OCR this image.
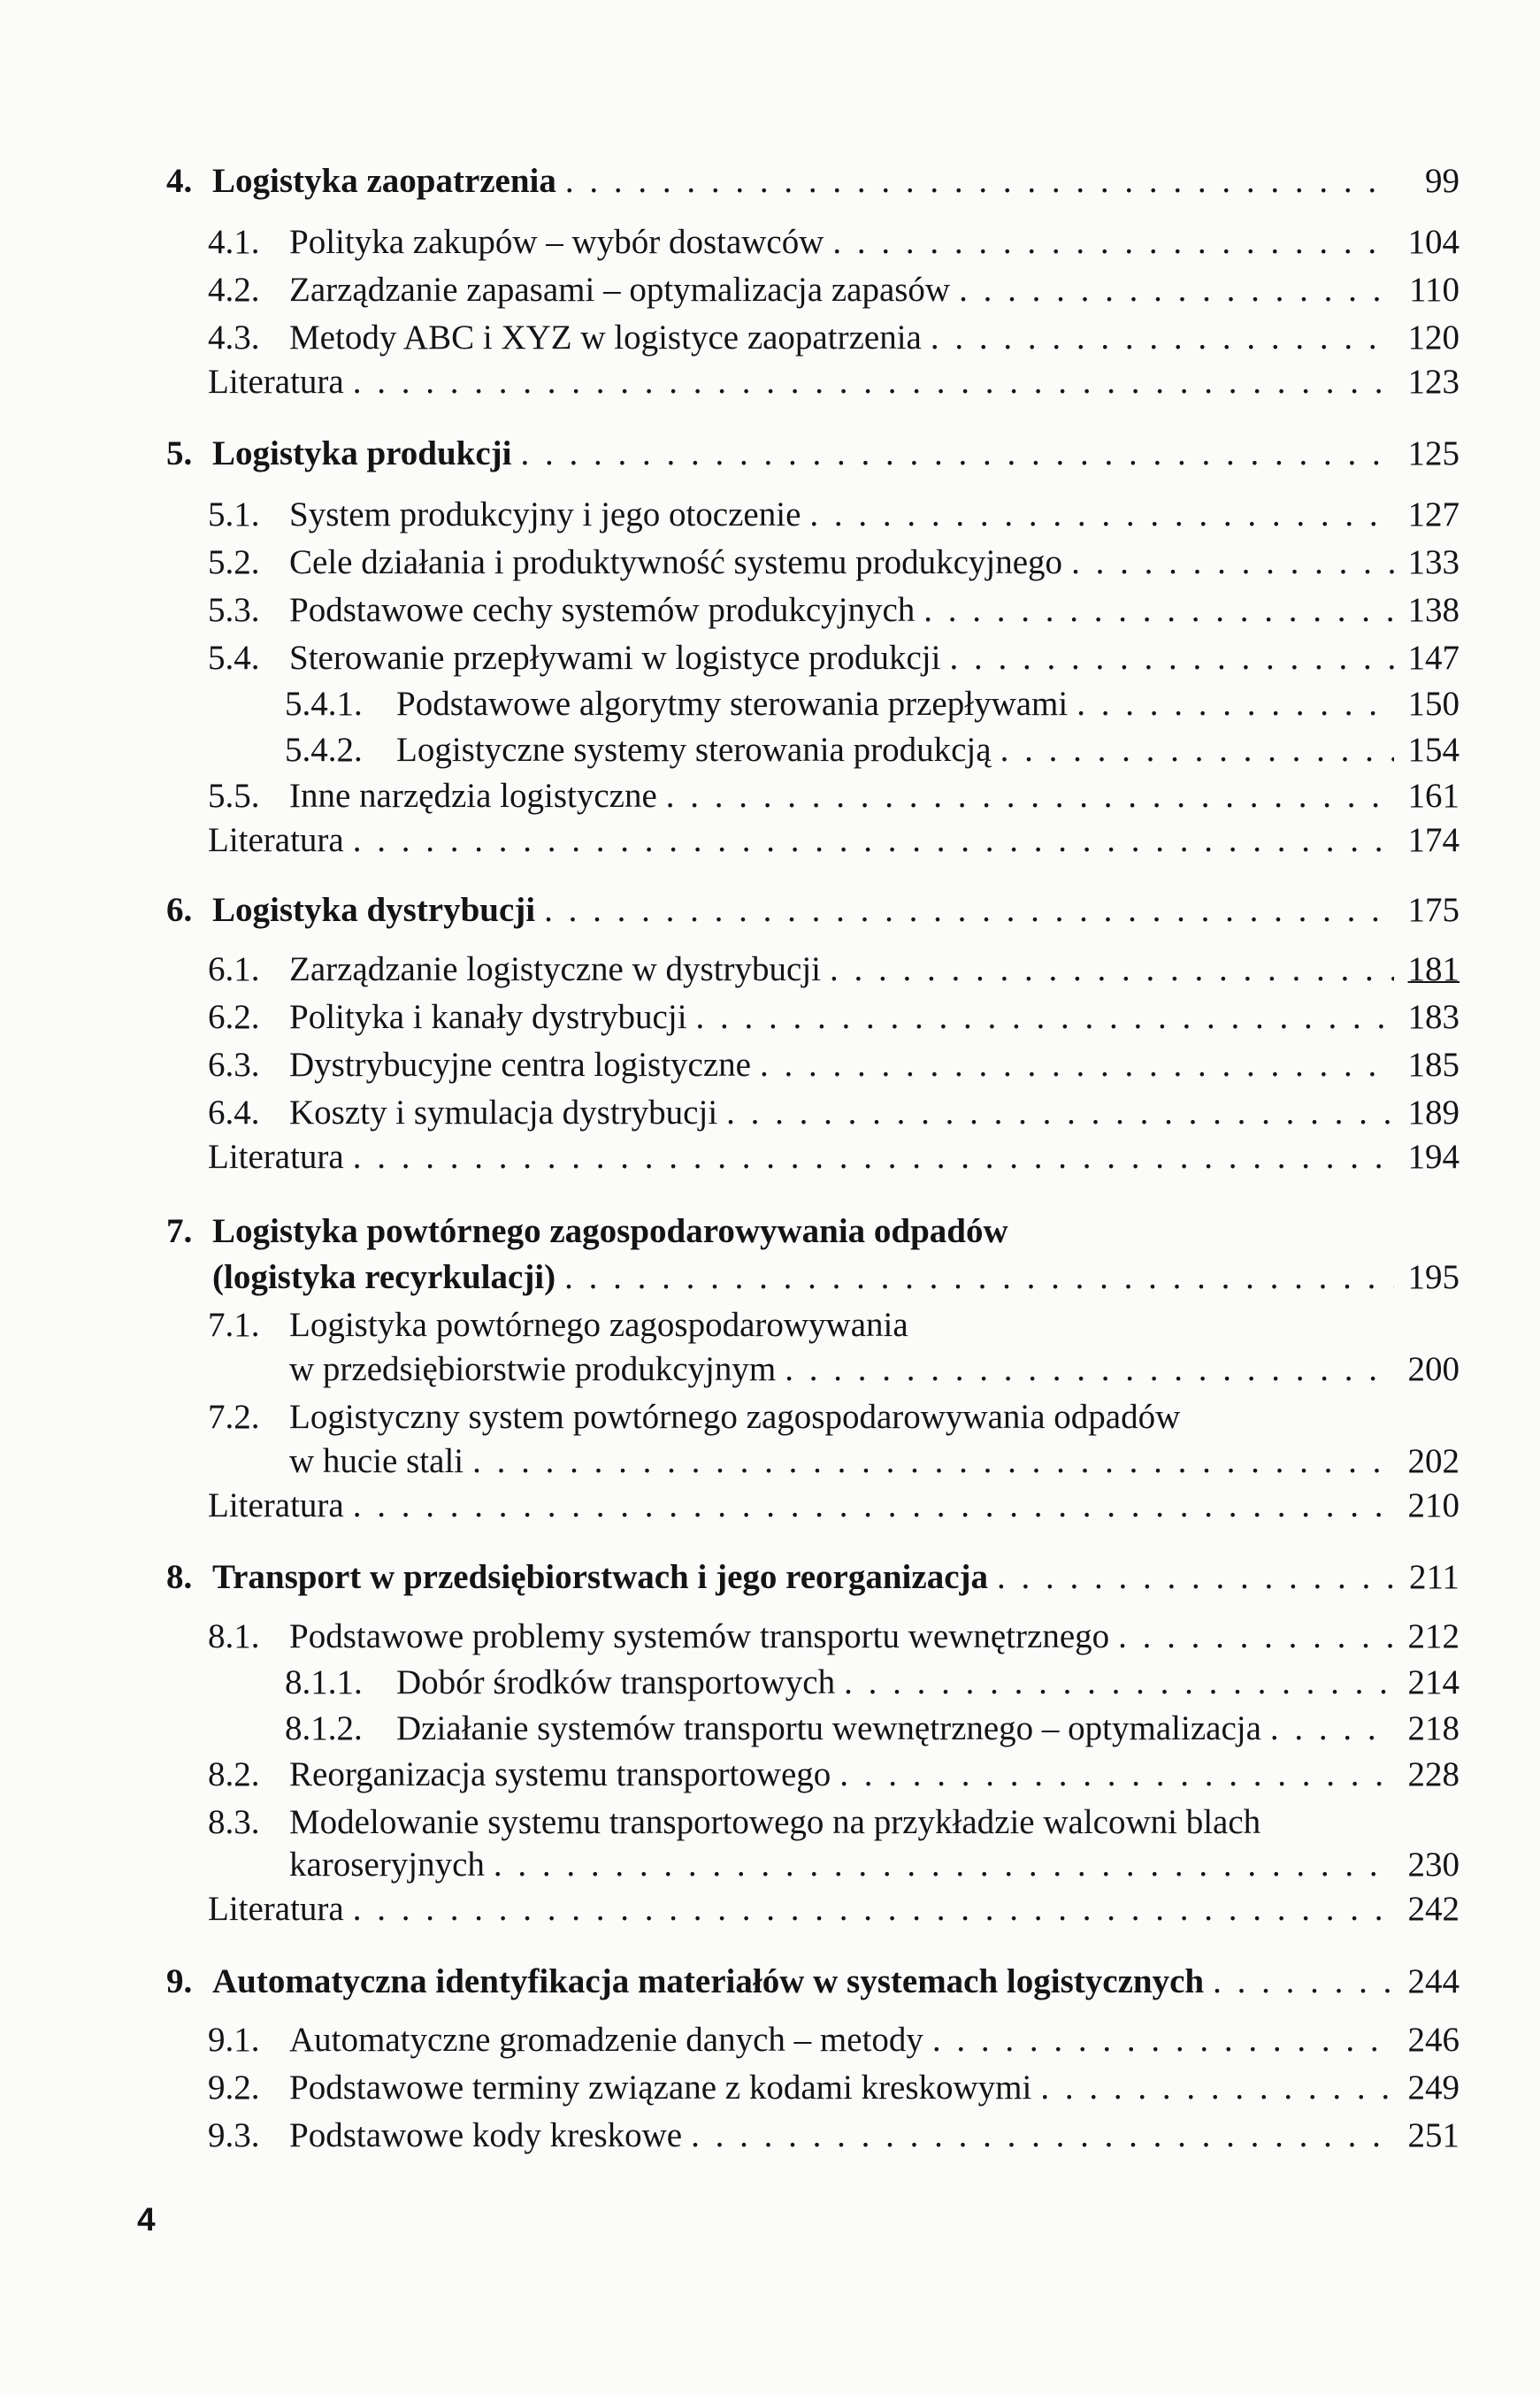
4. Logistyka zaopatrzenia . . .	99
4.1. Polityka zakupów – wybór dostawców . . .	104
4.2. Zarządzanie zapasami – optymalizacja zapasów . . .	110
4.3. Metody ABC i XYZ w logistyce zaopatrzenia . . .	120
Literatura . . .	123
5. Logistyka produkcji . . .	125
5.1. System produkcyjny i jego otoczenie . . .	127
5.2. Cele działania i produktywność systemu produkcyjnego . . .	133
5.3. Podstawowe cechy systemów produkcyjnych . . .	138
5.4. Sterowanie przepływami w logistyce produkcji . . .	147
5.4.1. Podstawowe algorytmy sterowania przepływami . . .	150
5.4.2. Logistyczne systemy sterowania produkcją . . .	154
5.5. Inne narzędzia logistyczne . . .	161
Literatura . . .	174
6. Logistyka dystrybucji . . .	175
6.1. Zarządzanie logistyczne w dystrybucji . . .	181
6.2. Polityka i kanały dystrybucji . . .	183
6.3. Dystrybucyjne centra logistyczne . . .	185
6.4. Koszty i symulacja dystrybucji . . .	189
Literatura . . .	194
7. Logistyka powtórnego zagospodarowywania odpadów
(logistyka recyrkulacji) . . .	195
7.1. Logistyka powtórnego zagospodarowywania
w przedsiębiorstwie produkcyjnym . . .	200
7.2. Logistyczny system powtórnego zagospodarowywania odpadów
w hucie stali . . .	202
Literatura . . .	210
8. Transport w przedsiębiorstwach i jego reorganizacja . . .	211
8.1. Podstawowe problemy systemów transportu wewnętrznego . . .	212
8.1.1. Dobór środków transportowych . . .	214
8.1.2. Działanie systemów transportu wewnętrznego – optymalizacja . . .	218
8.2. Reorganizacja systemu transportowego . . .	228
8.3. Modelowanie systemu transportowego na przykładzie walcowni blach
karoseryjnych . . .	230
Literatura . . .	242
9. Automatyczna identyfikacja materiałów w systemach logistycznych . . .	244
9.1. Automatyczne gromadzenie danych – metody . . .	246
9.2. Podstawowe terminy związane z kodami kreskowymi . . .	249
9.3. Podstawowe kody kreskowe . . .	251
4
